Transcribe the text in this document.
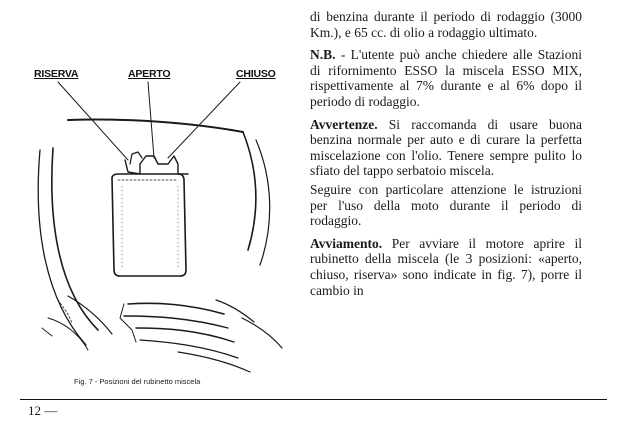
RISERVA	APERTO	CHIUSO
Fig. 7 - Posizioni del rubinetto miscela

di benzina durante il periodo di rodaggio (3000 Km.), e 65 cc. di olio a rodaggio ultimato.

N.B. - L'utente può anche chiedere alle Stazioni di rifornimento ESSO la miscela ESSO MIX, rispettivamente al 7% durante e al 6% dopo il periodo di rodaggio.

Avvertenze. Si raccomanda di usare buona benzina normale per auto e di curare la perfetta miscelazione con l'olio. Tenere sempre pulito lo sfiato del tappo serbatoio miscela.

Seguire con particolare attenzione le istruzioni per l'uso della moto durante il periodo di rodaggio.

Avviamento. Per avviare il motore aprire il rubinetto della miscela (le 3 posizioni: «aperto, chiuso, riserva» sono indicate in fig. 7), porre il cambio in

12 —
